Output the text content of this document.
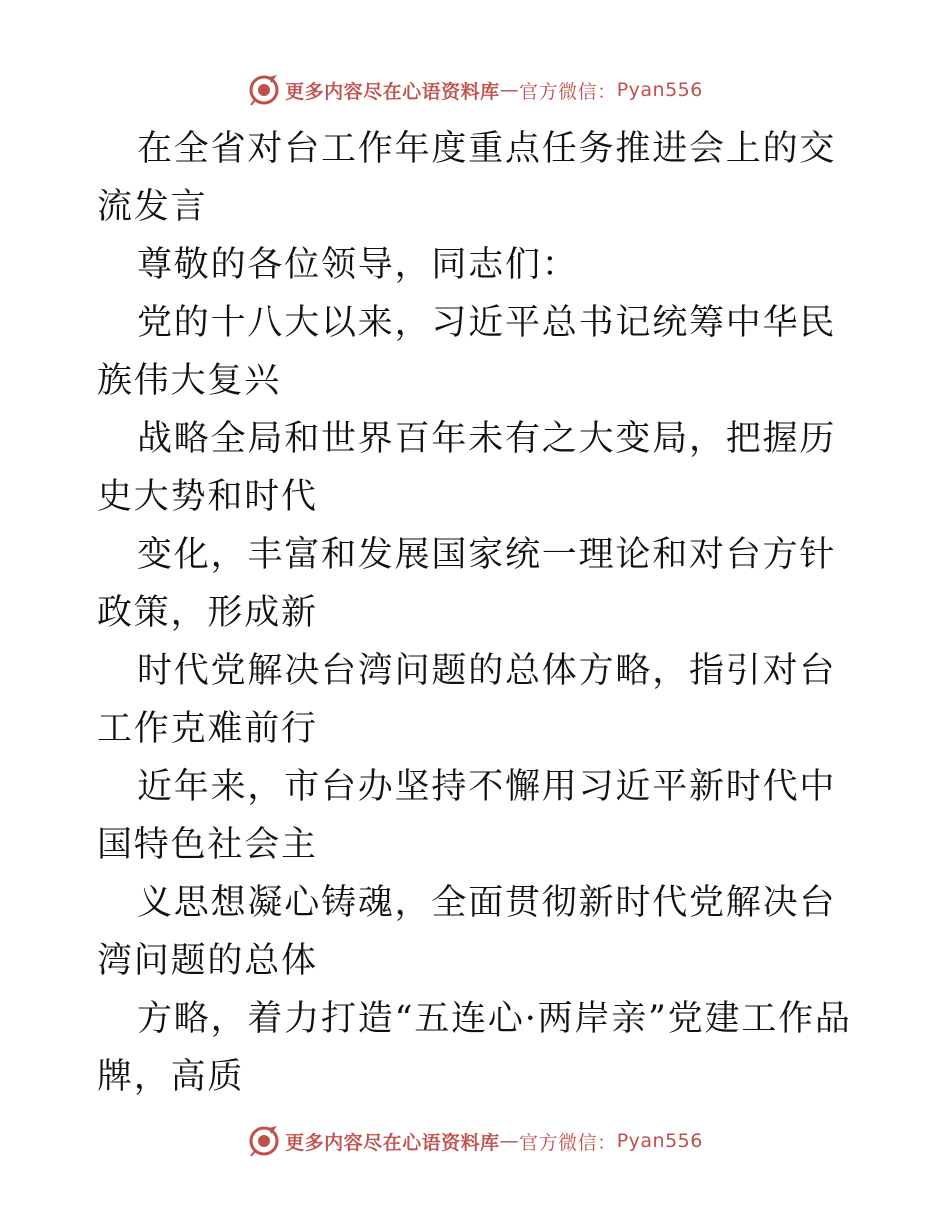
更多内容尽在心语资料库 — 官方微信： Pyan556

在全省对台工作年度重点任务推进会上的交流发言

尊敬的各位领导，同志们：

党的十八大以来，习近平总书记统筹中华民族伟大复兴

战略全局和世界百年未有之大变局，把握历史大势和时代

变化，丰富和发展国家统一理论和对台方针政策，形成新

时代党解决台湾问题的总体方略，指引对台工作克难前行

近年来，市台办坚持不懈用习近平新时代中国特色社会主

义思想凝心铸魂，全面贯彻新时代党解决台湾问题的总体

方略，着力打造“五连心·两岸亲”党建工作品牌，高质

更多内容尽在心语资料库 — 官方微信： Pyan556
